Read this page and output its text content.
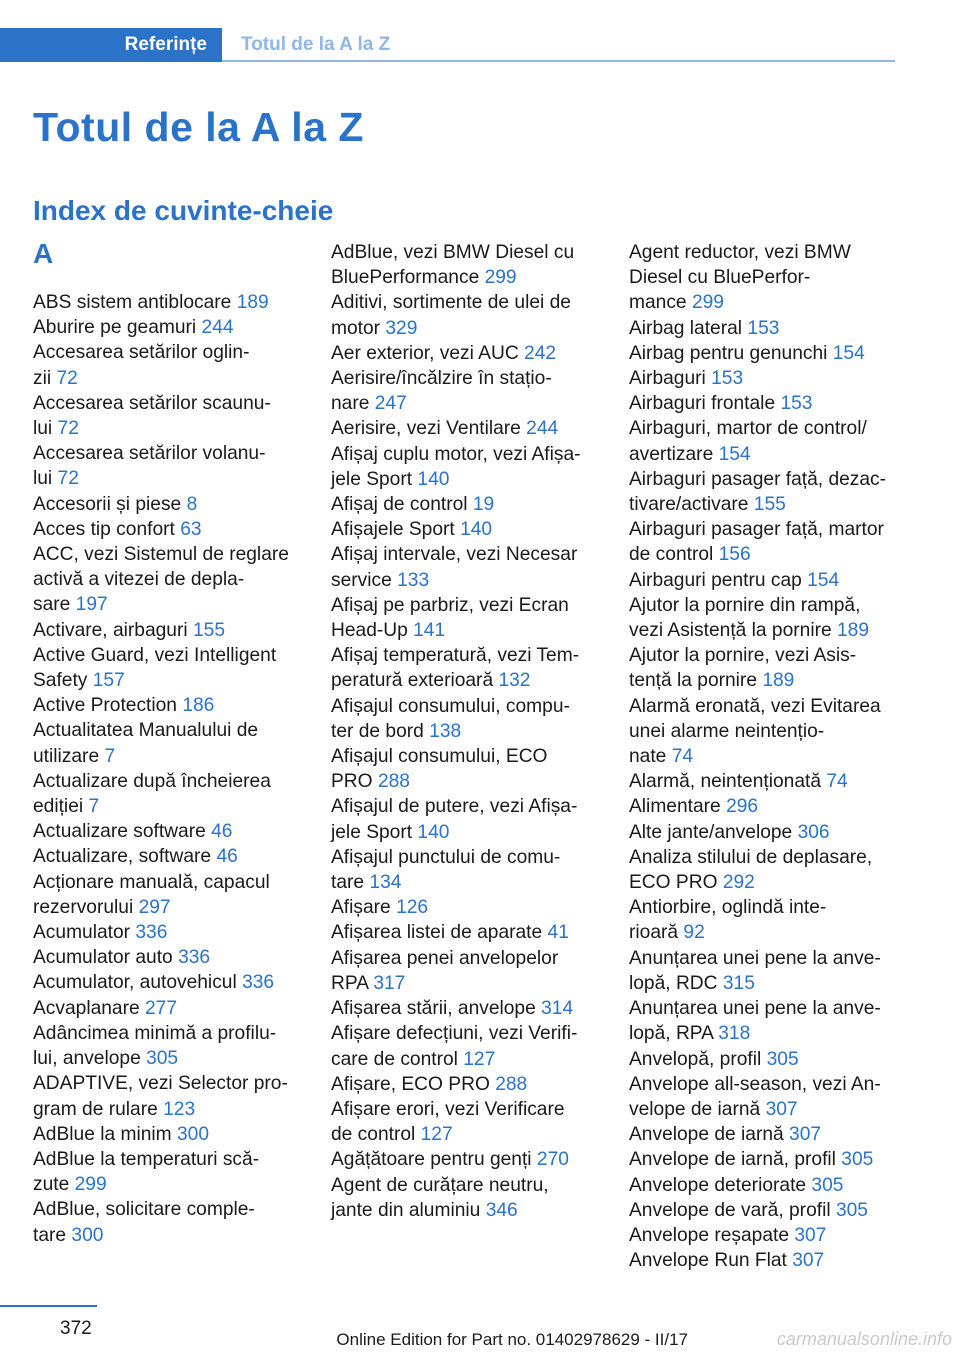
Referințe Totul de la A la Z
Totul de la A la Z
Index de cuvinte-cheie
A
ABS sistem antiblocare 189
Aburire pe geamuri 244
Accesarea setărilor oglin-
zii 72
Accesarea setărilor scaunu-
lui 72
Accesarea setărilor volanu-
lui 72
Accesorii și piese 8
Acces tip confort 63
ACC, vezi Sistemul de reglare
activă a vitezei de depla-
sare 197
Activare, airbaguri 155
Active Guard, vezi Intelligent
Safety 157
Active Protection 186
Actualitatea Manualului de
utilizare 7
Actualizare după încheierea
ediției 7
Actualizare software 46
Actualizare, software 46
Acționare manuală, capacul
rezervorului 297
Acumulator 336
Acumulator auto 336
Acumulator, autovehicul 336
Acvaplanare 277
Adâncimea minimă a profilu-
lui, anvelope 305
ADAPTIVE, vezi Selector pro-
gram de rulare 123
AdBlue la minim 300
AdBlue la temperaturi scă-
zute 299
AdBlue, solicitare comple-
tare 300
AdBlue, vezi BMW Diesel cu
BluePerformance 299
Aditivi, sortimente de ulei de
motor 329
Aer exterior, vezi AUC 242
Aerisire/încălzire în stațio-
nare 247
Aerisire, vezi Ventilare 244
Afișaj cuplu motor, vezi Afișa-
jele Sport 140
Afișaj de control 19
Afișajele Sport 140
Afișaj intervale, vezi Necesar
service 133
Afișaj pe parbriz, vezi Ecran
Head-Up 141
Afișaj temperatură, vezi Tem-
peratură exterioară 132
Afișajul consumului, compu-
ter de bord 138
Afișajul consumului, ECO
PRO 288
Afișajul de putere, vezi Afișa-
jele Sport 140
Afișajul punctului de comu-
tare 134
Afișare 126
Afișarea listei de aparate 41
Afișarea penei anvelopelor
RPA 317
Afișarea stării, anvelope 314
Afișare defecțiuni, vezi Verifi-
care de control 127
Afișare, ECO PRO 288
Afișare erori, vezi Verificare
de control 127
Agățătoare pentru genți 270
Agent de curățare neutru,
jante din aluminiu 346
Agent reductor, vezi BMW
Diesel cu BluePerfor-
mance 299
Airbag lateral 153
Airbag pentru genunchi 154
Airbaguri 153
Airbaguri frontale 153
Airbaguri, martor de control/
avertizare 154
Airbaguri pasager față, dezac-
tivare/activare 155
Airbaguri pasager față, martor
de control 156
Airbaguri pentru cap 154
Ajutor la pornire din rampă,
vezi Asistență la pornire 189
Ajutor la pornire, vezi Asis-
tență la pornire 189
Alarmă eronată, vezi Evitarea
unei alarme neintențio-
nate 74
Alarmă, neintenționată 74
Alimentare 296
Alte jante/anvelope 306
Analiza stilului de deplasare,
ECO PRO 292
Antiorbire, oglindă inte-
rioară 92
Anunțarea unei pene la anve-
lopă, RDC 315
Anunțarea unei pene la anve-
lopă, RPA 318
Anvelopă, profil 305
Anvelope all-season, vezi An-
velope de iarnă 307
Anvelope de iarnă 307
Anvelope de iarnă, profil 305
Anvelope deteriorate 305
Anvelope de vară, profil 305
Anvelope reșapate 307
Anvelope Run Flat 307
372
Online Edition for Part no. 01402978629 - II/17	carmanualsonline.info
